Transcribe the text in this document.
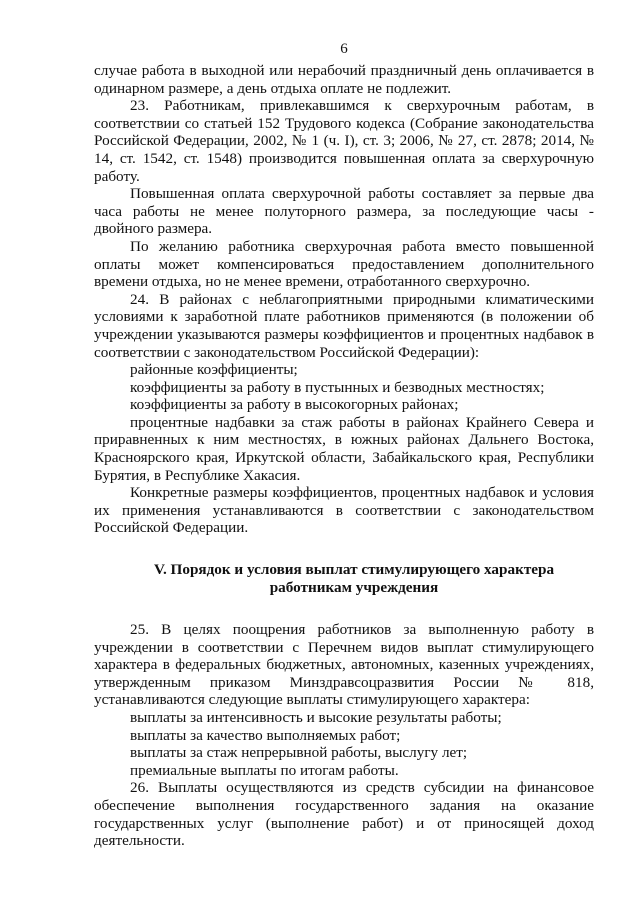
6

случае работа в выходной или нерабочий праздничный день оплачивается в одинарном размере, а день отдыха оплате не подлежит.

23. Работникам, привлекавшимся к сверхурочным работам, в соответствии со статьей 152 Трудового кодекса (Собрание законодательства Российской Федерации, 2002, № 1 (ч. I), ст. 3; 2006, № 27, ст. 2878; 2014, № 14, ст. 1542, ст. 1548) производится повышенная оплата за сверхурочную работу.

Повышенная оплата сверхурочной работы составляет за первые два часа работы не менее полуторного размера, за последующие часы - двойного размера.

По желанию работника сверхурочная работа вместо повышенной оплаты может компенсироваться предоставлением дополнительного времени отдыха, но не менее времени, отработанного сверхурочно.

24. В районах с неблагоприятными природными климатическими условиями к заработной плате работников применяются (в положении об учреждении указываются размеры коэффициентов и процентных надбавок в соответствии с законодательством Российской Федерации):

районные коэффициенты;

коэффициенты за работу в пустынных и безводных местностях;

коэффициенты за работу в высокогорных районах;

процентные надбавки за стаж работы в районах Крайнего Севера и приравненных к ним местностях, в южных районах Дальнего Востока, Красноярского края, Иркутской области, Забайкальского края, Республики Бурятия, в Республике Хакасия.

Конкретные размеры коэффициентов, процентных надбавок и условия их применения устанавливаются в соответствии с законодательством Российской Федерации.

V. Порядок и условия выплат стимулирующего характера
работникам учреждения

25. В целях поощрения работников за выполненную работу в учреждении в соответствии с Перечнем видов выплат стимулирующего характера в федеральных бюджетных, автономных, казенных учреждениях, утвержденным приказом Минздравсоцразвития России № 818, устанавливаются следующие выплаты стимулирующего характера:

выплаты за интенсивность и высокие результаты работы;

выплаты за качество выполняемых работ;

выплаты за стаж непрерывной работы, выслугу лет;

премиальные выплаты по итогам работы.

26. Выплаты осуществляются из средств субсидии на финансовое обеспечение выполнения государственного задания на оказание государственных услуг (выполнение работ) и от приносящей доход деятельности.
